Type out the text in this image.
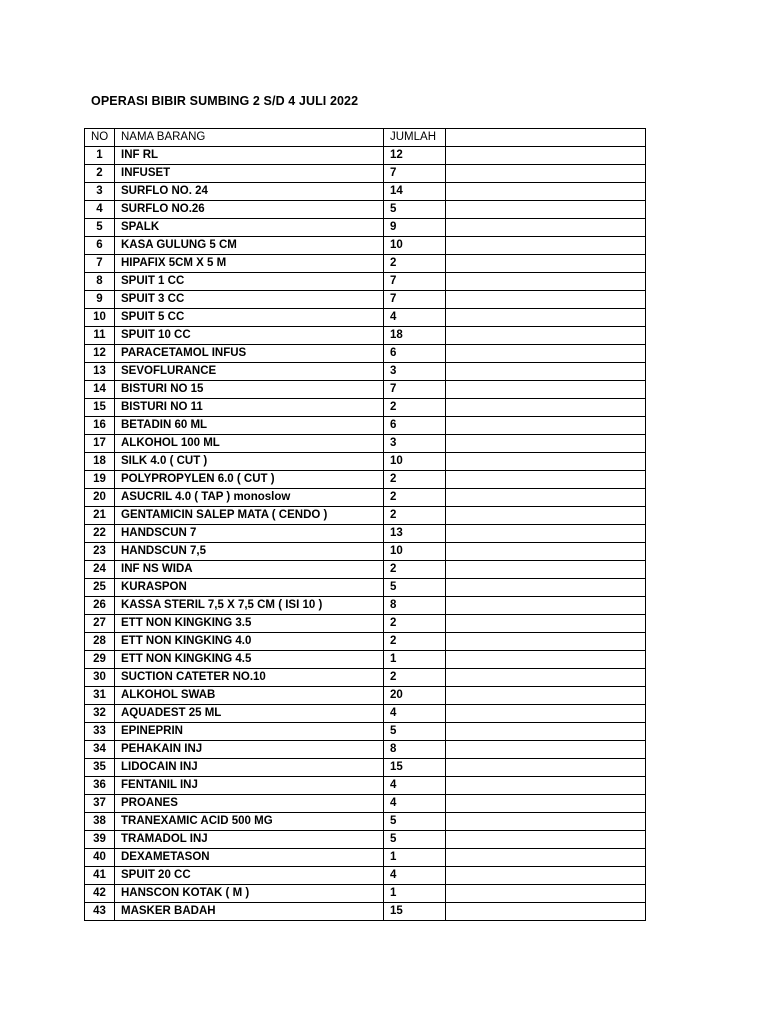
OPERASI BIBIR SUMBING 2 S/D 4 JULI 2022
NO	NAMA BARANG	JUMLAH	
1	INF RL	12	
2	INFUSET	7	
3	SURFLO NO. 24	14	
4	SURFLO NO.26	5	
5	SPALK	9	
6	KASA GULUNG 5 CM	10	
7	HIPAFIX 5CM X 5 M	2	
8	SPUIT 1 CC	7	
9	SPUIT 3 CC	7	
10	SPUIT 5 CC	4	
11	SPUIT 10 CC	18	
12	PARACETAMOL INFUS	6	
13	SEVOFLURANCE	3	
14	BISTURI NO 15	7	
15	BISTURI NO 11	2	
16	BETADIN 60 ML	6	
17	ALKOHOL 100 ML	3	
18	SILK 4.0 ( CUT )	10	
19	POLYPROPYLEN 6.0 ( CUT )	2	
20	ASUCRIL 4.0 ( TAP ) monoslow	2	
21	GENTAMICIN SALEP MATA ( CENDO )	2	
22	HANDSCUN 7	13	
23	HANDSCUN 7,5	10	
24	INF NS WIDA	2	
25	KURASPON	5	
26	KASSA STERIL 7,5 X 7,5 CM ( ISI 10 )	8	
27	ETT NON KINGKING 3.5	2	
28	ETT NON KINGKING 4.0	2	
29	ETT NON KINGKING 4.5	1	
30	SUCTION CATETER NO.10	2	
31	ALKOHOL SWAB	20	
32	AQUADEST 25 ML	4	
33	EPINEPRIN	5	
34	PEHAKAIN INJ	8	
35	LIDOCAIN INJ	15	
36	FENTANIL INJ	4	
37	PROANES	4	
38	TRANEXAMIC ACID 500 MG	5	
39	TRAMADOL INJ	5	
40	DEXAMETASON	1	
41	SPUIT 20 CC	4	
42	HANSCON KOTAK ( M )	1	
43	MASKER BADAH	15	
